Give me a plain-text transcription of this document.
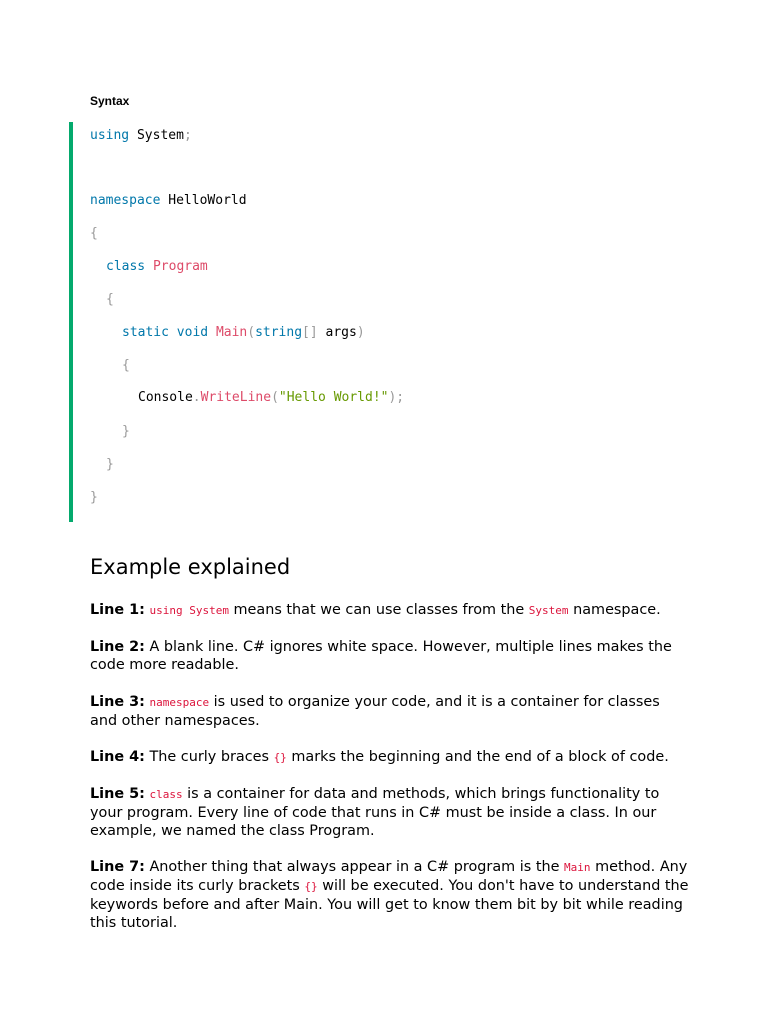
Syntax

using System;
namespace HelloWorld
{
class Program
{
static void Main(string[] args)
{
Console.WriteLine("Hello World!");
}
}
}
Example explained

Line 1: using System means that we can use classes from the System namespace.

Line 2: A blank line. C# ignores white space. However, multiple lines makes the code more readable.

Line 3: namespace is used to organize your code, and it is a container for classes and other namespaces.

Line 4: The curly braces {} marks the beginning and the end of a block of code.

Line 5: class is a container for data and methods, which brings functionality to your program. Every line of code that runs in C# must be inside a class. In our example, we named the class Program.

Line 7: Another thing that always appear in a C# program is the Main method. Any code inside its curly brackets {} will be executed. You don't have to understand the keywords before and after Main. You will get to know them bit by bit while reading this tutorial.
